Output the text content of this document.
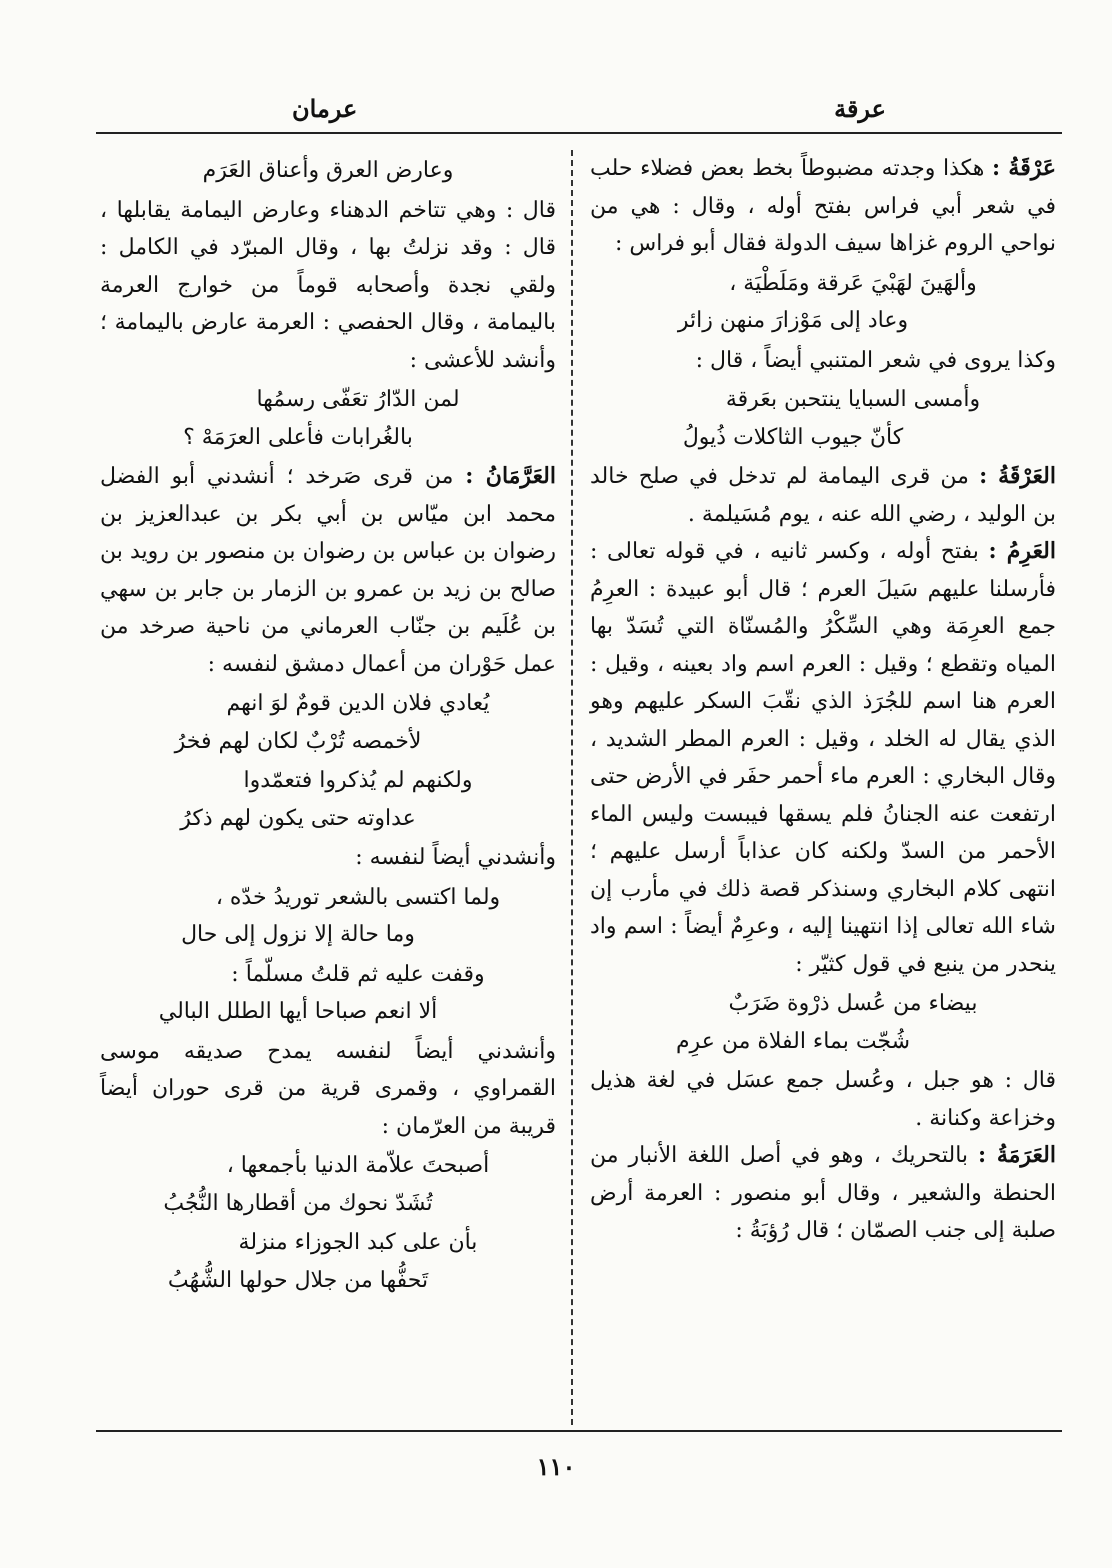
عرقة
عرمان

عَرْقَةُ : هكذا وجدته مضبوطاً بخط بعض فضلاء حلب في شعر أبي فراس بفتح أوله ، وقال : هي من نواحي الروم غزاها سيف الدولة فقال أبو فراس :

وألهَينَ لهَبْيَ عَرقة ومَلَطْيَة ،
وعاد إلى مَوْزارَ منهن زائر

وكذا يروى في شعر المتنبي أيضاً ، قال :

وأمسى السبايا ينتحبن بعَرقة
كأنّ جيوب الثاكلات ذُيولُ

العَرْقَةُ : من قرى اليمامة لم تدخل في صلح خالد بن الوليد ، رضي الله عنه ، يوم مُسَيلمة .

العَرِمُ : بفتح أوله ، وكسر ثانيه ، في قوله تعالى : فأرسلنا عليهم سَيلَ العرم ؛ قال أبو عبيدة : العرِمُ جمع العرِمَة وهي السِّكْرُ والمُسنّاة التي تُسَدّ بها المياه وتقطع ؛ وقيل : العرم اسم واد بعينه ، وقيل : العرم هنا اسم للجُرَذ الذي نقّبَ السكر عليهم وهو الذي يقال له الخلد ، وقيل : العرم المطر الشديد ، وقال البخاري : العرم ماء أحمر حفَر في الأرض حتى ارتفعت عنه الجنانُ فلم يسقها فيبست وليس الماء الأحمر من السدّ ولكنه كان عذاباً أرسل عليهم ؛ انتهى كلام البخاري وسنذكر قصة ذلك في مأرب إن شاء الله تعالى إذا انتهينا إليه ، وعرِمٌ أيضاً : اسم واد ينحدر من ينبع في قول كثيّر :

بيضاء من عُسل ذرْوة ضَرَبٌ
شُجّت بماء الفلاة من عرِم

قال : هو جبل ، وعُسل جمع عسَل في لغة هذيل وخزاعة وكنانة .

العَرَمَةُ : بالتحريك ، وهو في أصل اللغة الأنبار من الحنطة والشعير ، وقال أبو منصور : العرمة أرض صلبة إلى جنب الصمّان ؛ قال رُؤبَةُ :

وعارض العرق وأعناق العَرَم

قال : وهي تتاخم الدهناء وعارض اليمامة يقابلها ، قال : وقد نزلتُ بها ، وقال المبرّد في الكامل : ولقي نجدة وأصحابه قوماً من خوارج العرمة باليمامة ، وقال الحفصي : العرمة عارض باليمامة ؛ وأنشد للأعشى :

لمن الدّارُ تعَفّى رسمُها
بالغُرابات فأعلى العرَمَهْ ؟

العَرَّمَانُ : من قرى صَرخد ؛ أنشدني أبو الفضل محمد ابن ميّاس بن أبي بكر بن عبدالعزيز بن رضوان بن عباس بن رضوان بن منصور بن رويد بن صالح بن زيد بن عمرو بن الزمار بن جابر بن سهي بن عُلَيم بن جنّاب العرماني من ناحية صرخد من عمل حَوْران من أعمال دمشق لنفسه :

يُعادي فلان الدين قومٌ لوَ انهم
لأخمصه تُرْبٌ لكان لهم فخرُ
ولكنهم لم يُذكروا فتعمّدوا
عداوته حتى يكون لهم ذكرُ

وأنشدني أيضاً لنفسه :

ولما اكتسى بالشعر توريدُ خدّه ،
وما حالة إلا نزول إلى حال
وقفت عليه ثم قلتُ مسلّماً :
ألا انعم صباحا أيها الطلل البالي

وأنشدني أيضاً لنفسه يمدح صديقه موسى القمراوي ، وقمرى قرية من قرى حوران أيضاً قريبة من العرّمان :

أصبحتَ علاّمة الدنيا بأجمعها ،
تُشَدّ نحوك من أقطارها النُّجُبُ
بأن على كبد الجوزاء منزلة
تَحفُّها من جلال حولها الشُّهُبُ
١١٠
